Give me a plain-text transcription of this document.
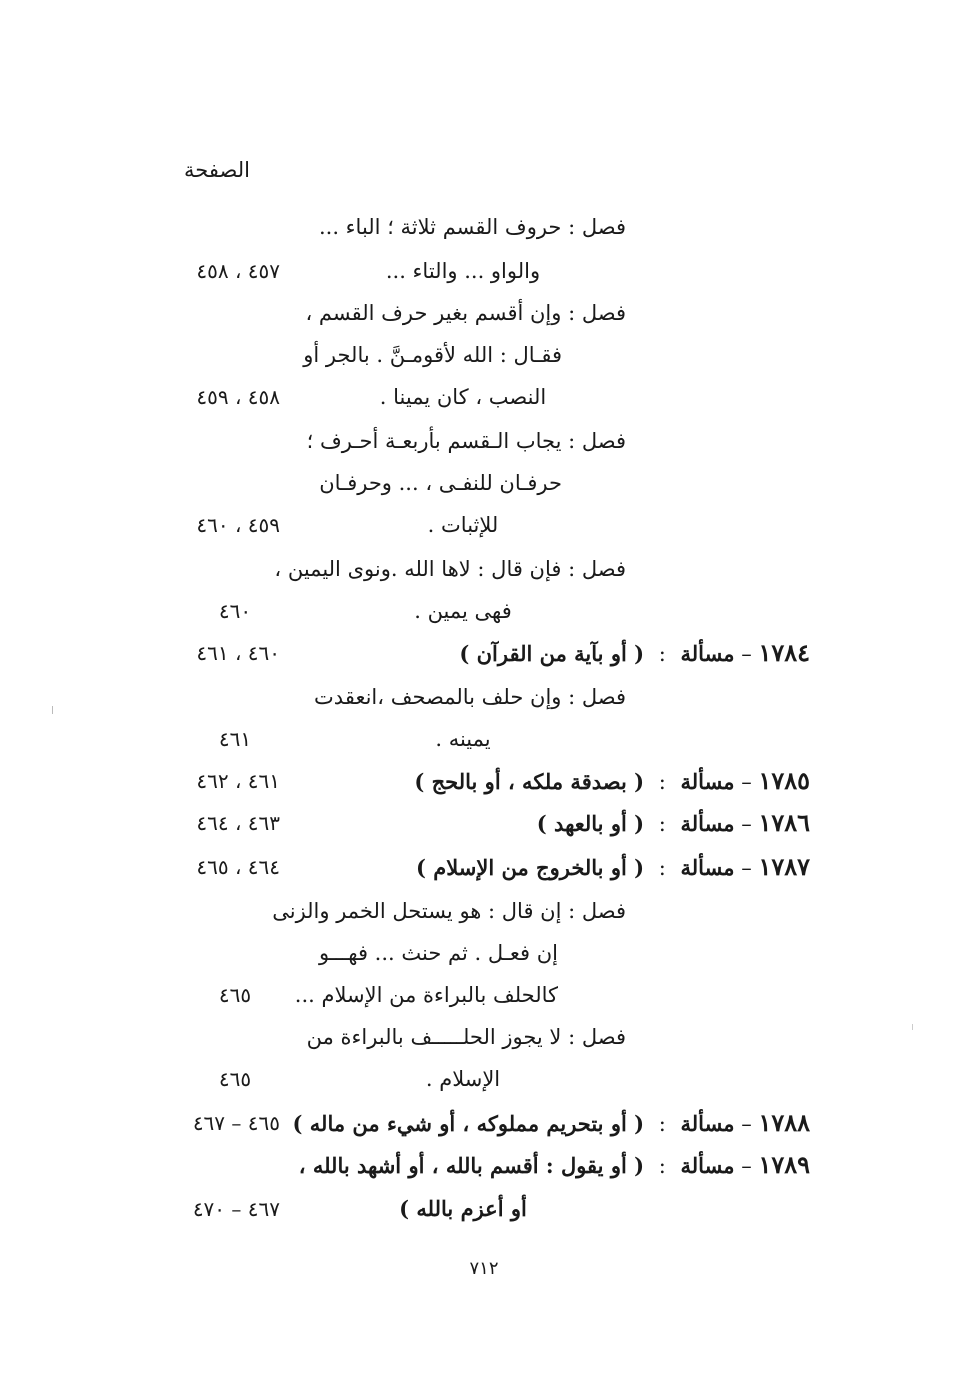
الصفحة
فصل : حروف القسم ثلاثة ؛ الباء ...
والواو ... والتاء ...
٤٥٧ ، ٤٥٨
فصل : وإن أقسم بغير حرف القسم ،
فقـال : الله لأقومـنَّ . بالجر أو
النصب ، كان يمينا .
٤٥٨ ، ٤٥٩
فصل : يجاب الـقسم بأربعـة أحـرف ؛
حرفـان للنفـى ، ... وحرفـان
للإثبات .
٤٥٩ ، ٤٦٠
فصل : فإن قال : لاها الله .ونوى اليمين ،
فهى يمين .
٤٦٠
١٧٨٤ – مسألة : ( أو بآية من القرآن )
٤٦٠ ، ٤٦١
فصل : وإن حلف بالمصحف ،انعقدت
يمينه .
٤٦١
١٧٨٥ – مسألة : ( بصدقة ملكه ، أو بالحج )
٤٦١ ، ٤٦٢
١٧٨٦ – مسألة : ( أو بالعهد )
٤٦٣ ، ٤٦٤
١٧٨٧ – مسألة : ( أو بالخروج من الإسلام )
٤٦٤ ، ٤٦٥
فصل : إن قال : هو يستحل الخمر والزنى
إن فعـل . ثم حنث ... فهـــو
كالحلف بالبراءة من الإسلام ...
٤٦٥
فصل : لا يجوز الحلـــــف بالبراءة من
الإسلام .
٤٦٥
١٧٨٨ – مسألة : ( أو بتحريم مملوكه ، أو شيء من ماله )
٤٦٥ – ٤٦٧
١٧٨٩ – مسألة : ( أو يقول : أقسم بالله ، أو أشهد بالله ،
أو أعزم بالله )
٤٦٧ – ٤٧٠
٧١٢
